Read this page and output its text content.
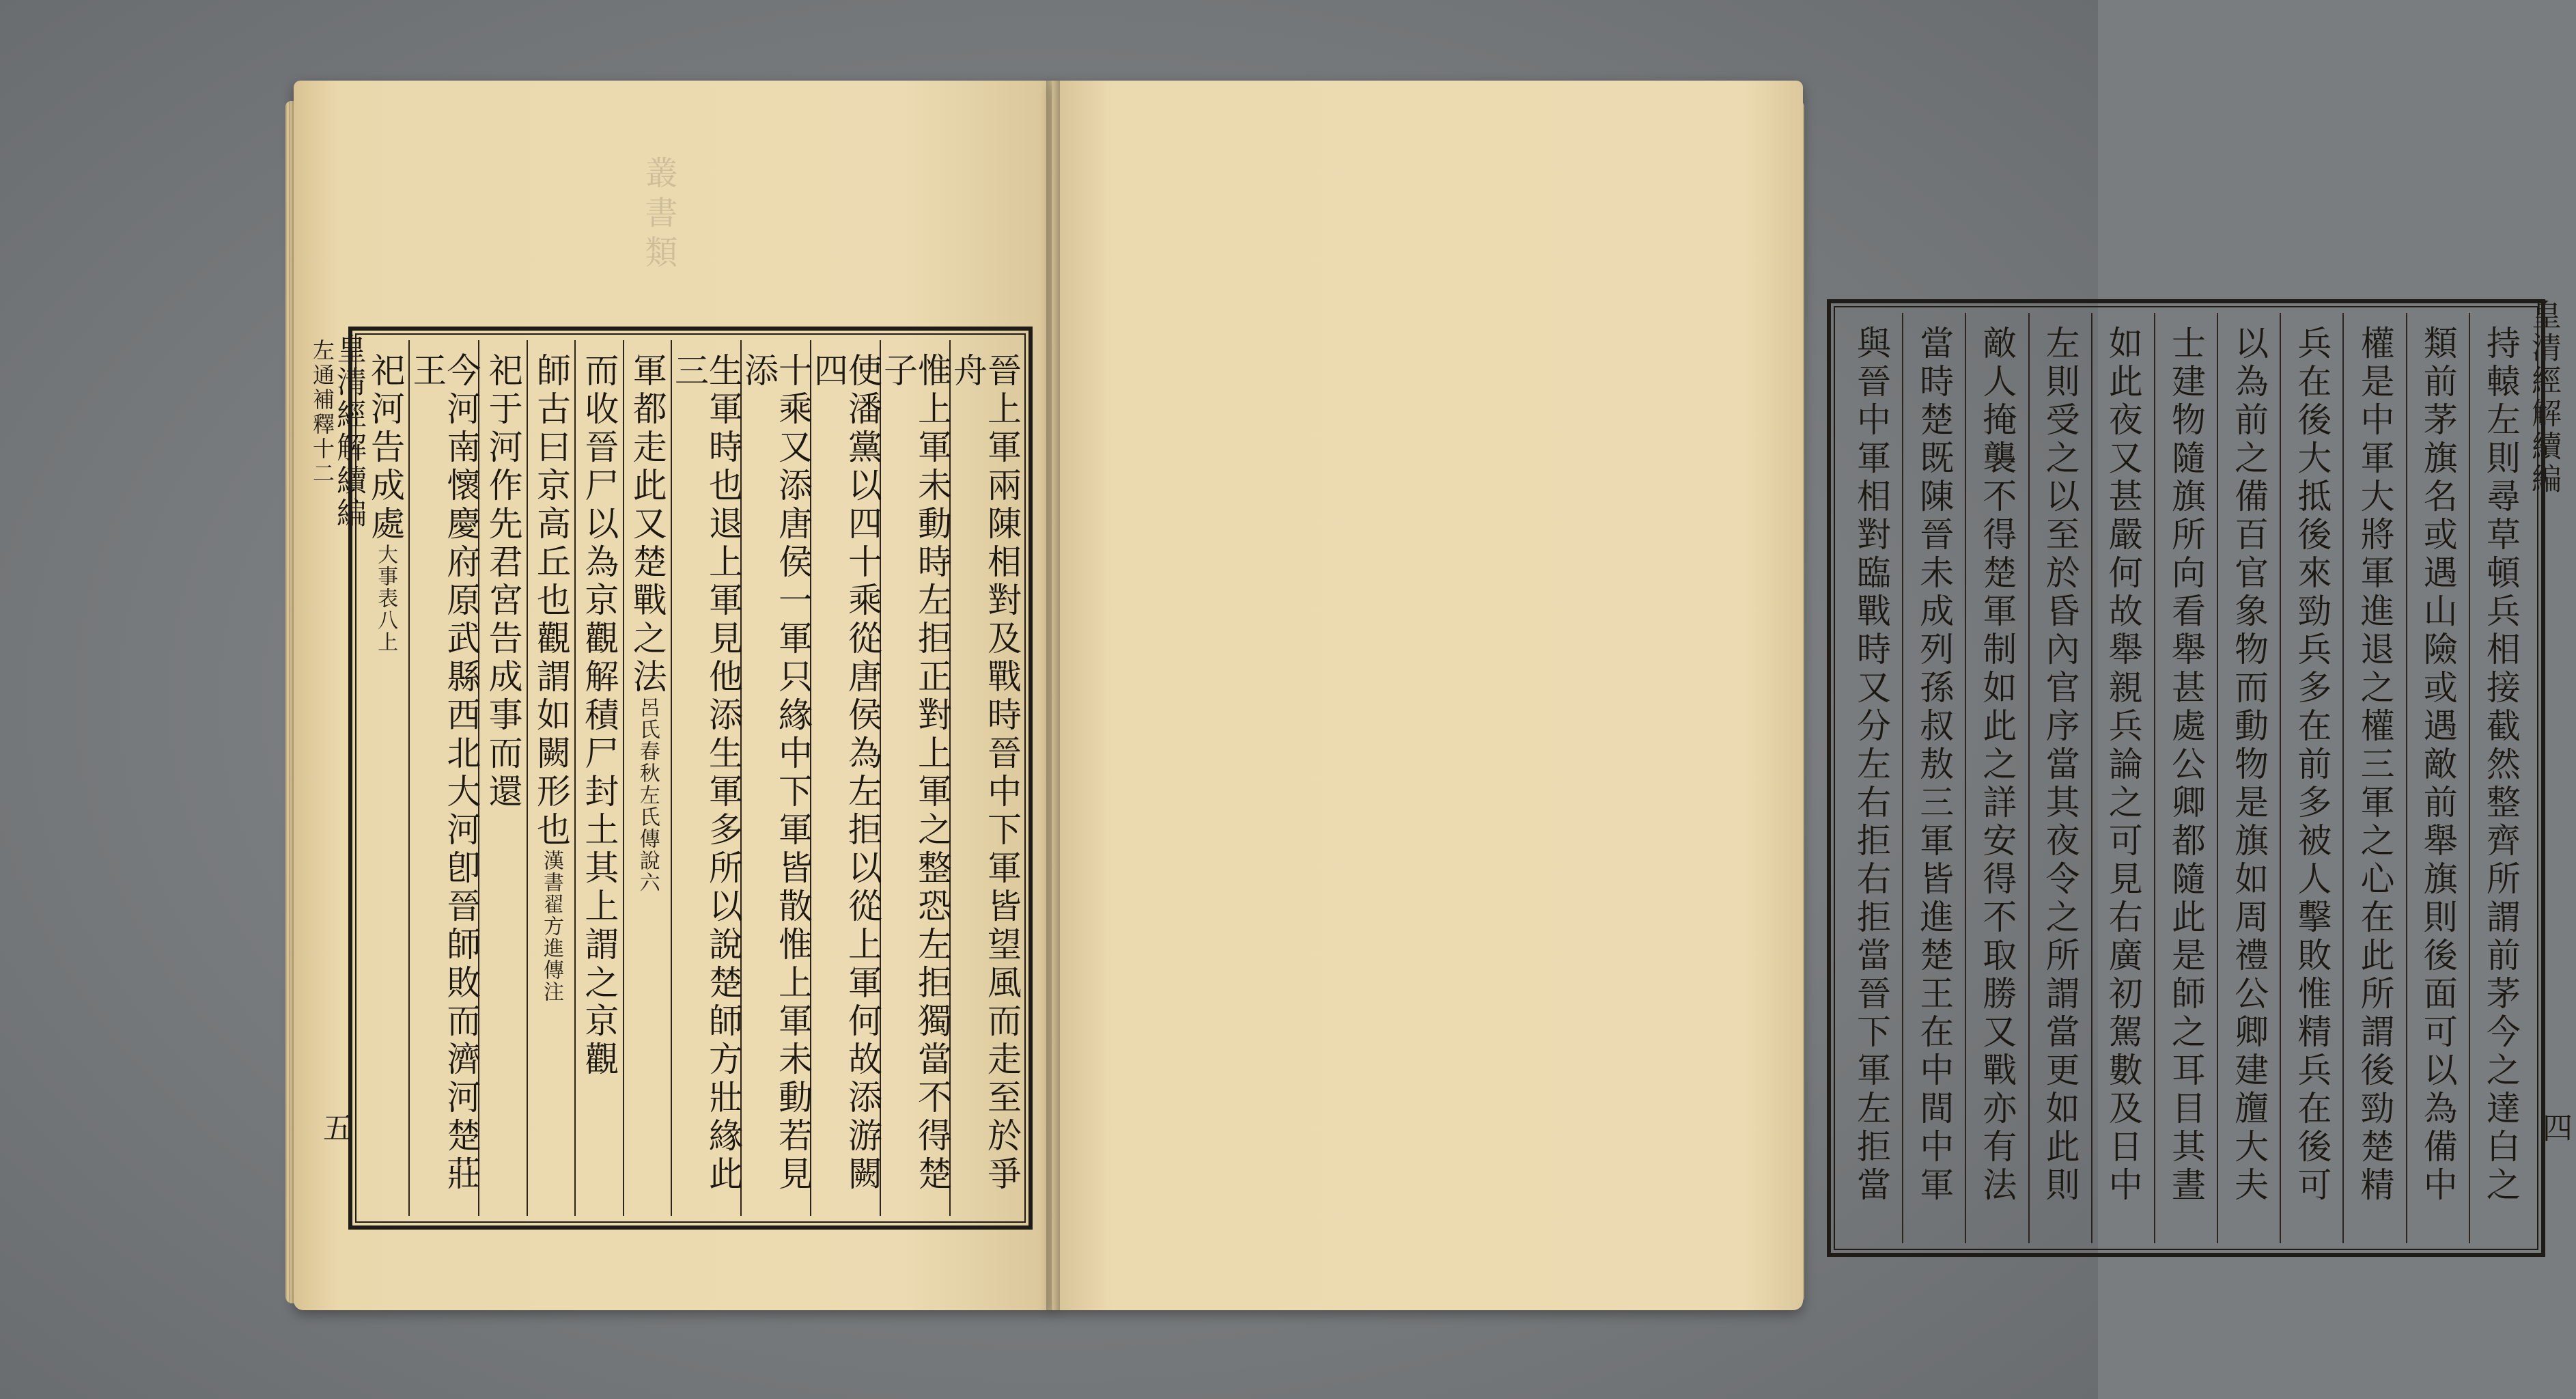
叢書類
皇清經解續編
左通補釋十二
五	晉上軍兩陳相對及戰時晉中下軍皆望風而走至於爭舟
惟上軍未動時左拒正對上軍之整恐左拒獨當不得楚子
使潘黨以四十乘從唐侯為左拒以從上軍何故添游闕四
十乘又添唐侯一軍只緣中下軍皆散惟上軍未動若見添
生軍時也退上軍見他添生軍多所以說楚師方壯緣此三
軍都走此又楚戰之法
呂氏春秋左氏傳說六
而收晉尸以為京觀解積尸封土其上謂之京觀
師古曰京高丘也觀謂如闕形也
漢書翟方進傳注
祀于河作先君宮告成事而還
今河南懷慶府原武縣西北大河卽晉師敗而濟河楚莊王
祀河告成處
大事表八上
皇清經解續編
四
持轅左則尋草頓兵相接截然整齊所謂前茅今之達白之
類前茅旗名或遇山險或遇敵前舉旗則後面可以為備中
權是中軍大將軍進退之權三軍之心在此所謂後勁楚精
兵在後大抵後來勁兵多在前多被人擊敗惟精兵在後可
以為前之備百官象物而動物是旗如周禮公卿建旜大夫
士建物隨旗所向看舉甚處公卿都隨此是師之耳目其晝
如此夜又甚嚴何故舉親兵論之可見右廣初駕數及日中
左則受之以至於昏內官序當其夜令之所謂當更如此則
敵人掩襲不得楚軍制如此之詳安得不取勝又戰亦有法
當時楚既陳晉未成列孫叔敖三軍皆進楚王在中間中軍
與晉中軍相對臨戰時又分左右拒右拒當晉下軍左拒當
